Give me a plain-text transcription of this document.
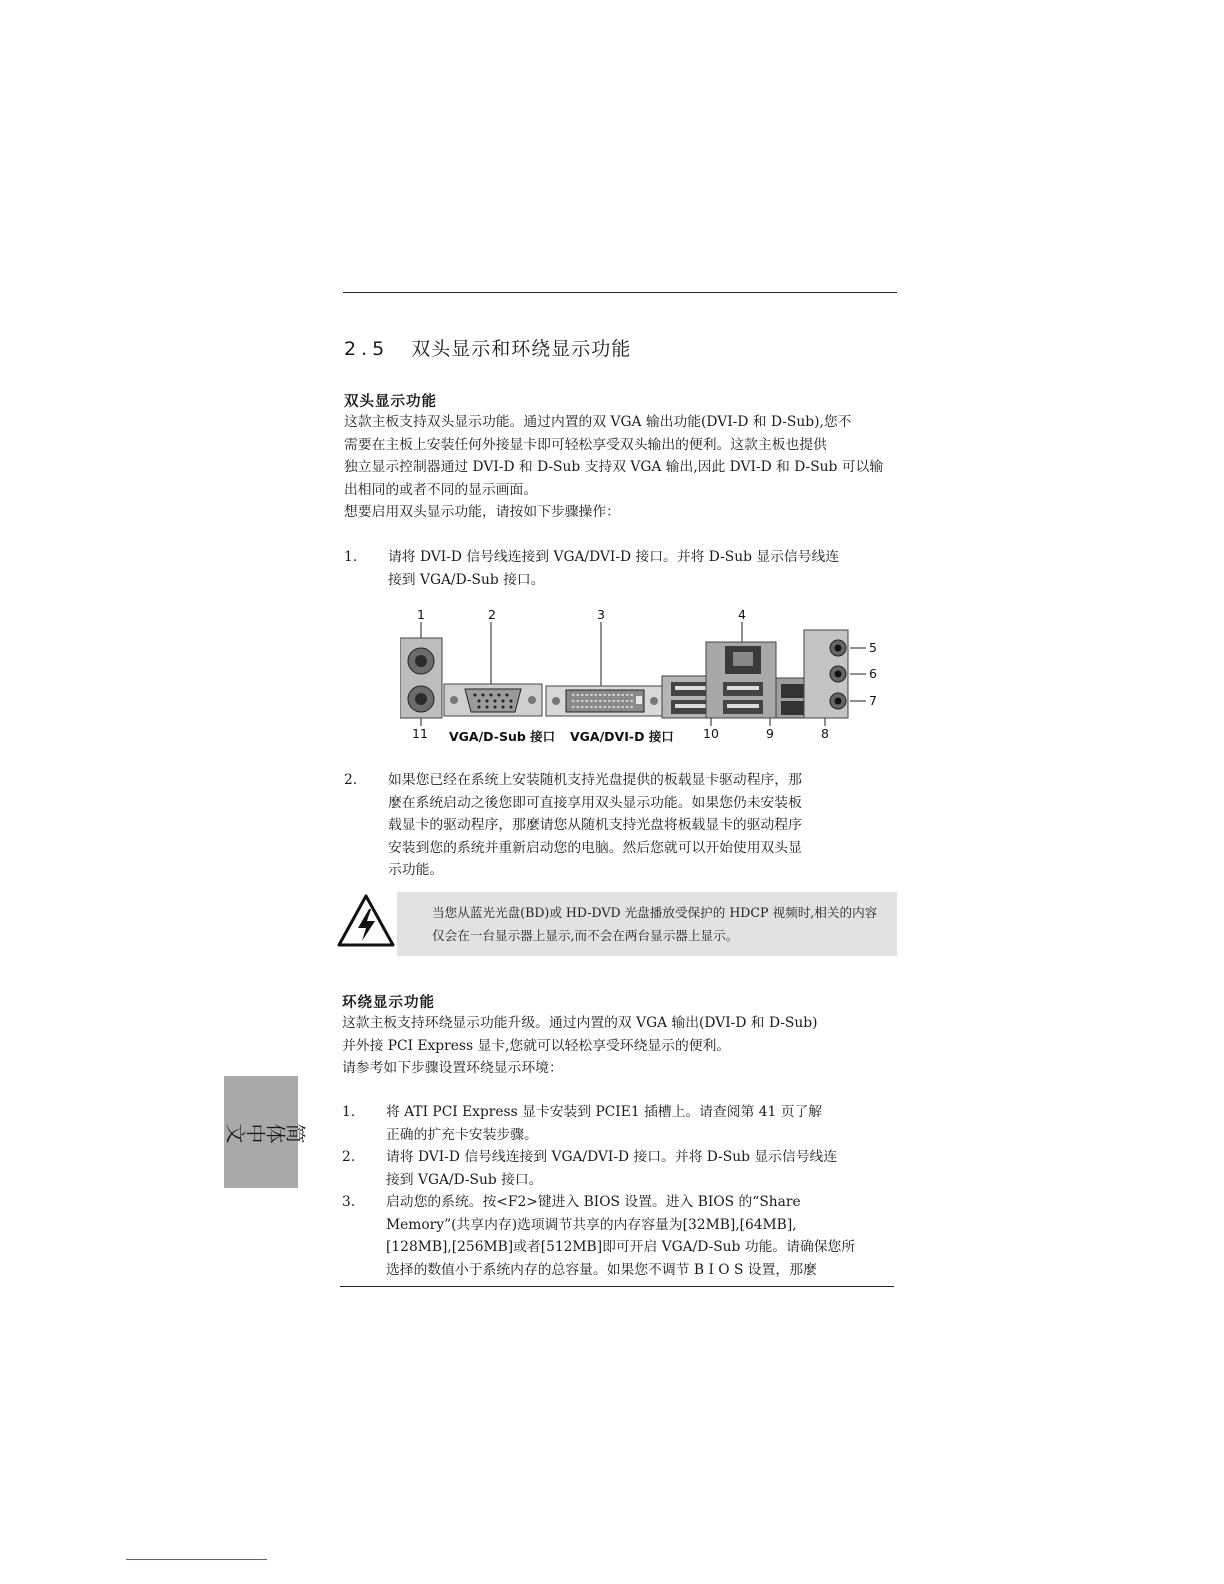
2.5 双头显示和环绕显示功能
双头显示功能

这款主板支持双头显示功能。通过内置的双 VGA 输出功能(DVI-D 和 D-Sub),您不

需要在主板上安装任何外接显卡即可轻松享受双头输出的便利。这款主板也提供

独立显示控制器通过 DVI-D 和 D-Sub 支持双 VGA 输出,因此 DVI-D 和 D-Sub 可以输

出相同的或者不同的显示画面。

想要启用双头显示功能，请按如下步骤操作：

1. 请将 DVI-D 信号线连接到 VGA/DVI-D 接口。并将 D-Sub 显示信号线连
接到 VGA/D-Sub 接口。
1	2	3	4
5
6
7
8
9
10
11 VGA/D-Sub 接口 VGA/DVI-D 接口
2. 如果您已经在系统上安装随机支持光盘提供的板载显卡驱动程序，那
麼在系统启动之後您即可直接享用双头显示功能。如果您仍未安装板
载显卡的驱动程序，那麼请您从随机支持光盘将板载显卡的驱动程序
安装到您的系统并重新启动您的电脑。然后您就可以开始使用双头显
示功能。
当您从蓝光光盘(BD)或 HD-DVD 光盘播放受保护的 HDCP 视频时,相关的内容
仅会在一台显示器上显示,而不会在两台显示器上显示。
环绕显示功能

这款主板支持环绕显示功能升级。通过内置的双 VGA 输出(DVI-D 和 D-Sub)

并外接 PCI Express 显卡,您就可以轻松享受环绕显示的便利。

请参考如下步骤设置环绕显示环境：

1. 将 ATI PCI Express 显卡安装到 PCIE1 插槽上。请查阅第 41 页了解
正确的扩充卡安装步骤。
2. 请将 DVI-D 信号线连接到 VGA/DVI-D 接口。并将 D-Sub 显示信号线连
接到 VGA/D-Sub 接口。
3. 启动您的系统。按<F2>键进入 BIOS 设置。进入 BIOS 的“Share
Memory”(共享内存)选项调节共享的内存容量为[32MB],[64MB],
[128MB],[256MB]或者[512MB]即可开启 VGA/D-Sub 功能。请确保您所
选择的数值小于系统内存的总容量。如果您不调节 B I O S 设置，那麼
简体中文
